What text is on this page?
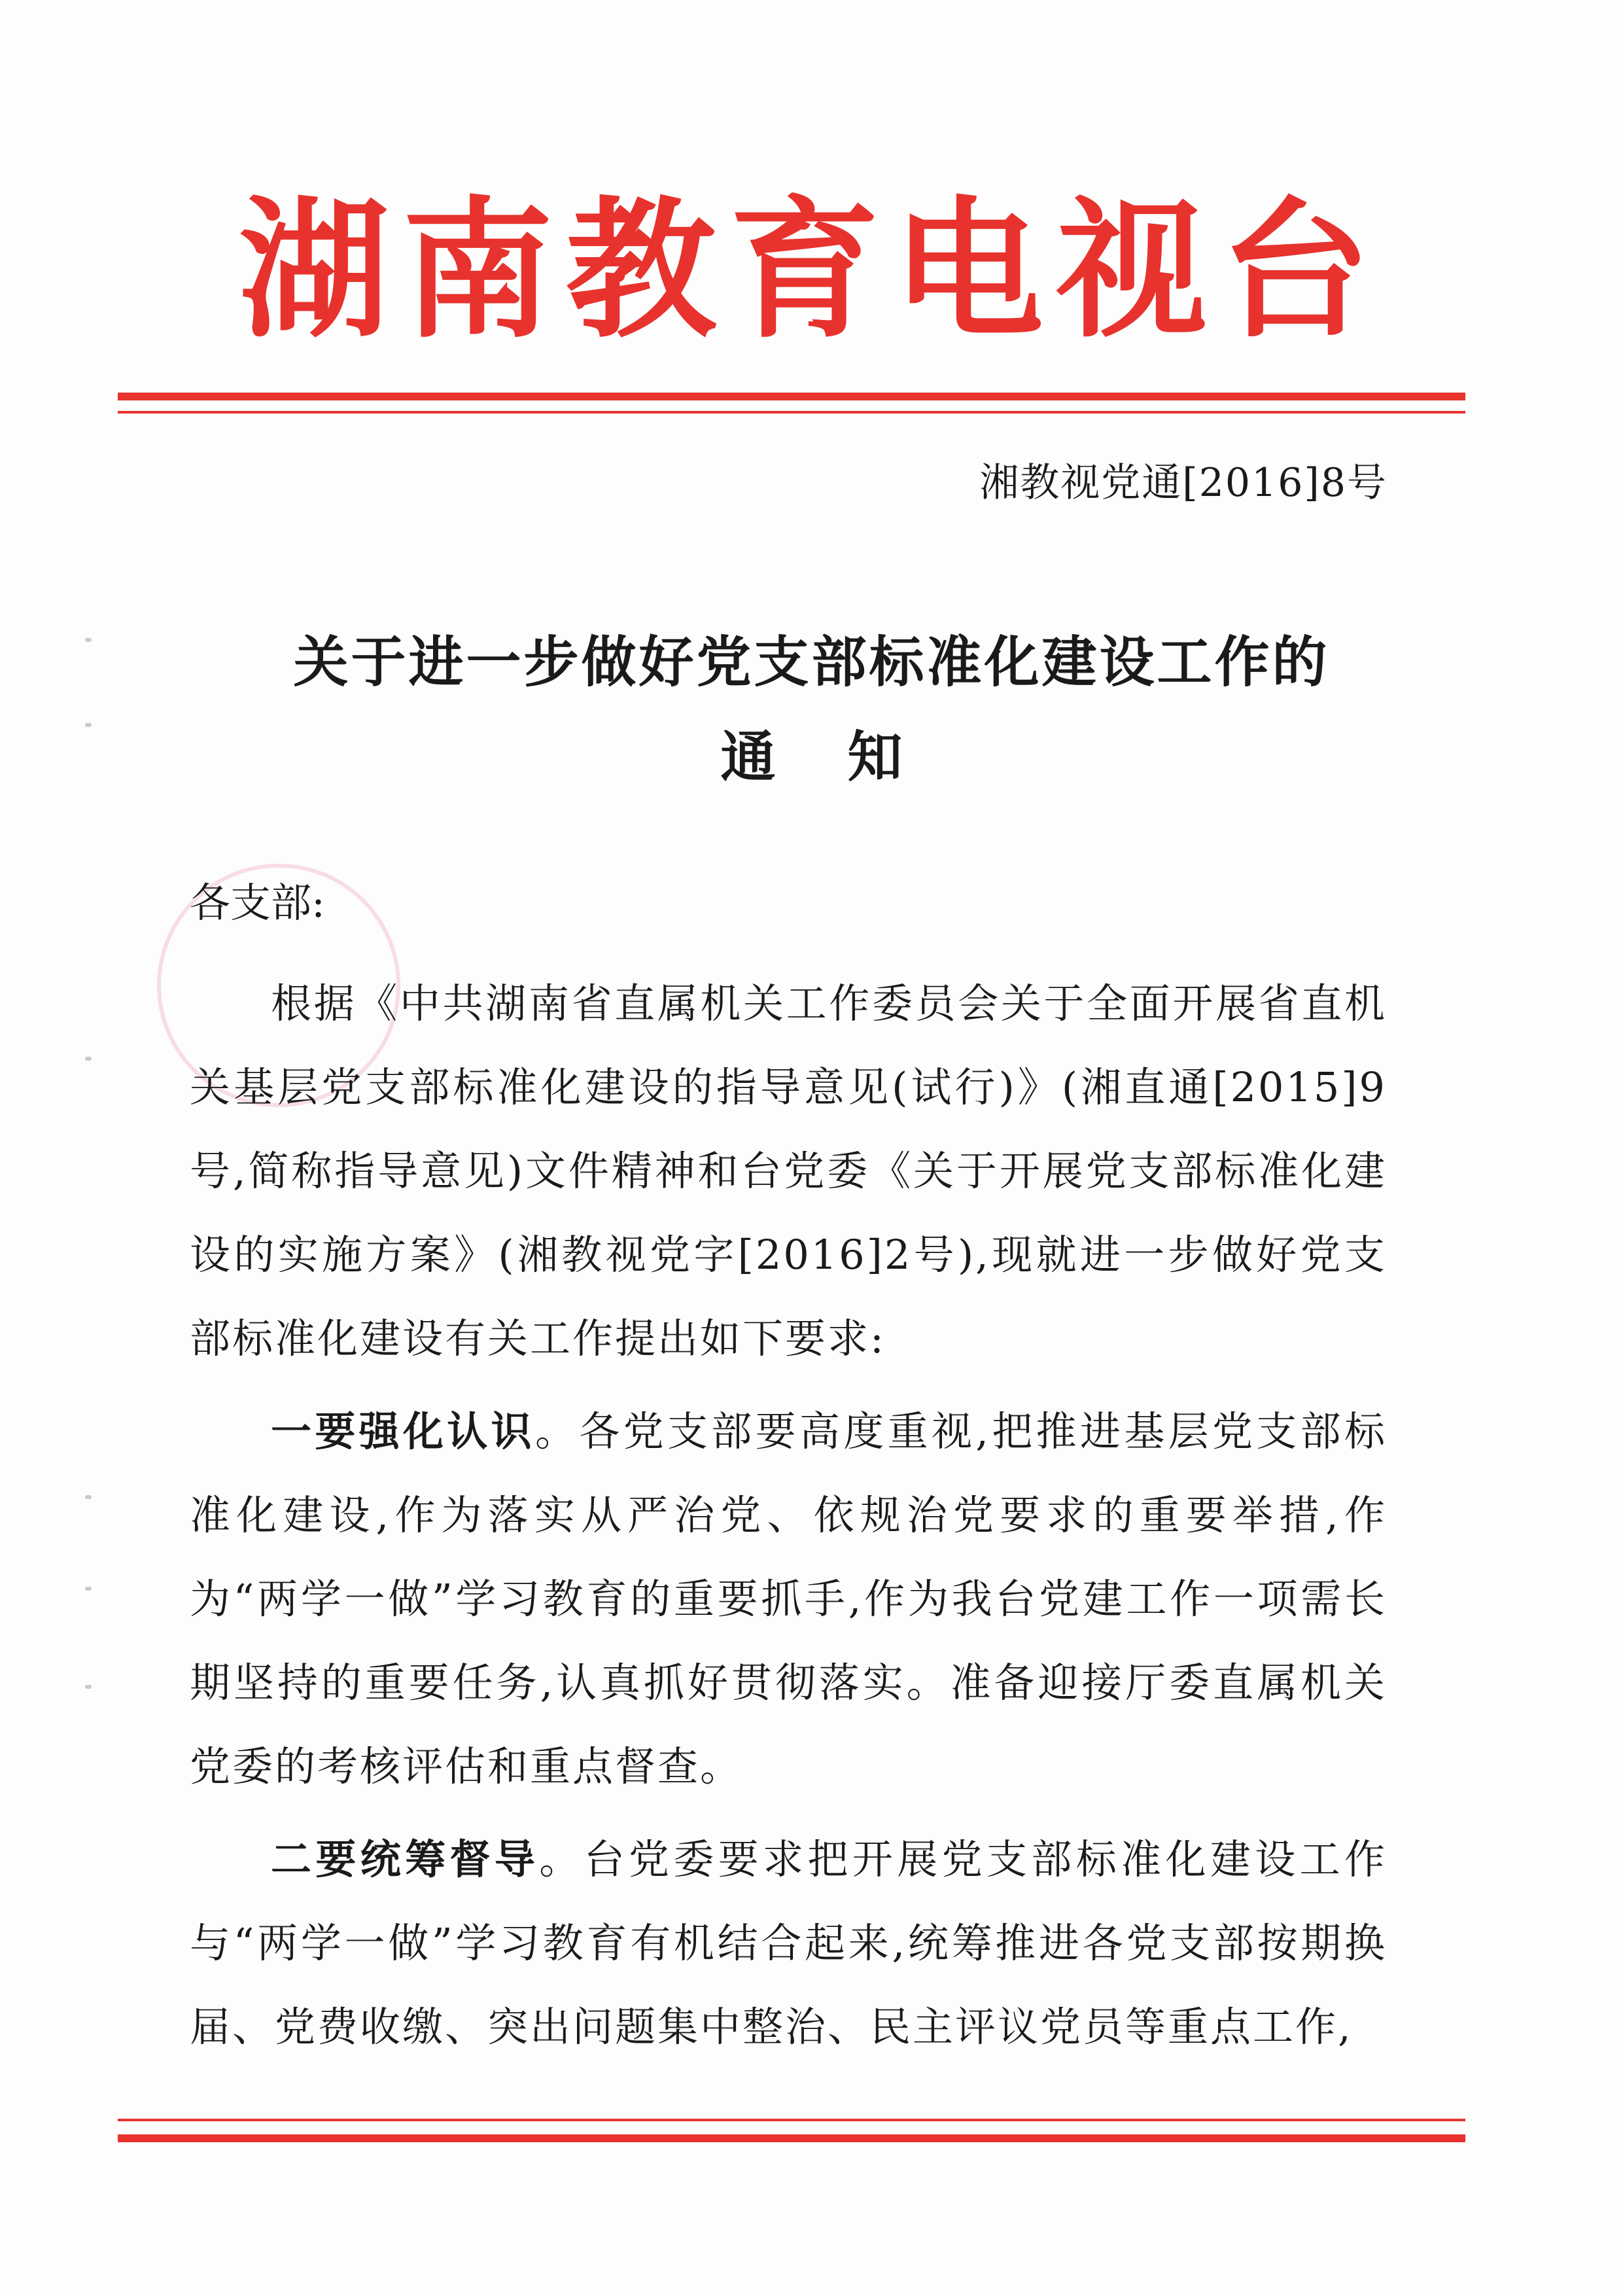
湖南教育电视台
湘教视党通[2016]8号
关于进一步做好党支部标准化建设工作的
通知
各支部:

根据《中共湖南省直属机关工作委员会关于全面开展省直机关基层党支部标准化建设的指导意见(试行)》(湘直通[2015]9号,简称指导意见)文件精神和台党委《关于开展党支部标准化建设的实施方案》(湘教视党字[2016]2号),现就进一步做好党支部标准化建设有关工作提出如下要求:

一要强化认识。各党支部要高度重视,把推进基层党支部标准化建设,作为落实从严治党、依规治党要求的重要举措,作为“两学一做”学习教育的重要抓手,作为我台党建工作一项需长期坚持的重要任务,认真抓好贯彻落实。准备迎接厅委直属机关党委的考核评估和重点督查。

二要统筹督导。台党委要求把开展党支部标准化建设工作与“两学一做”学习教育有机结合起来,统筹推进各党支部按期换届、党费收缴、突出问题集中整治、民主评议党员等重点工作,
